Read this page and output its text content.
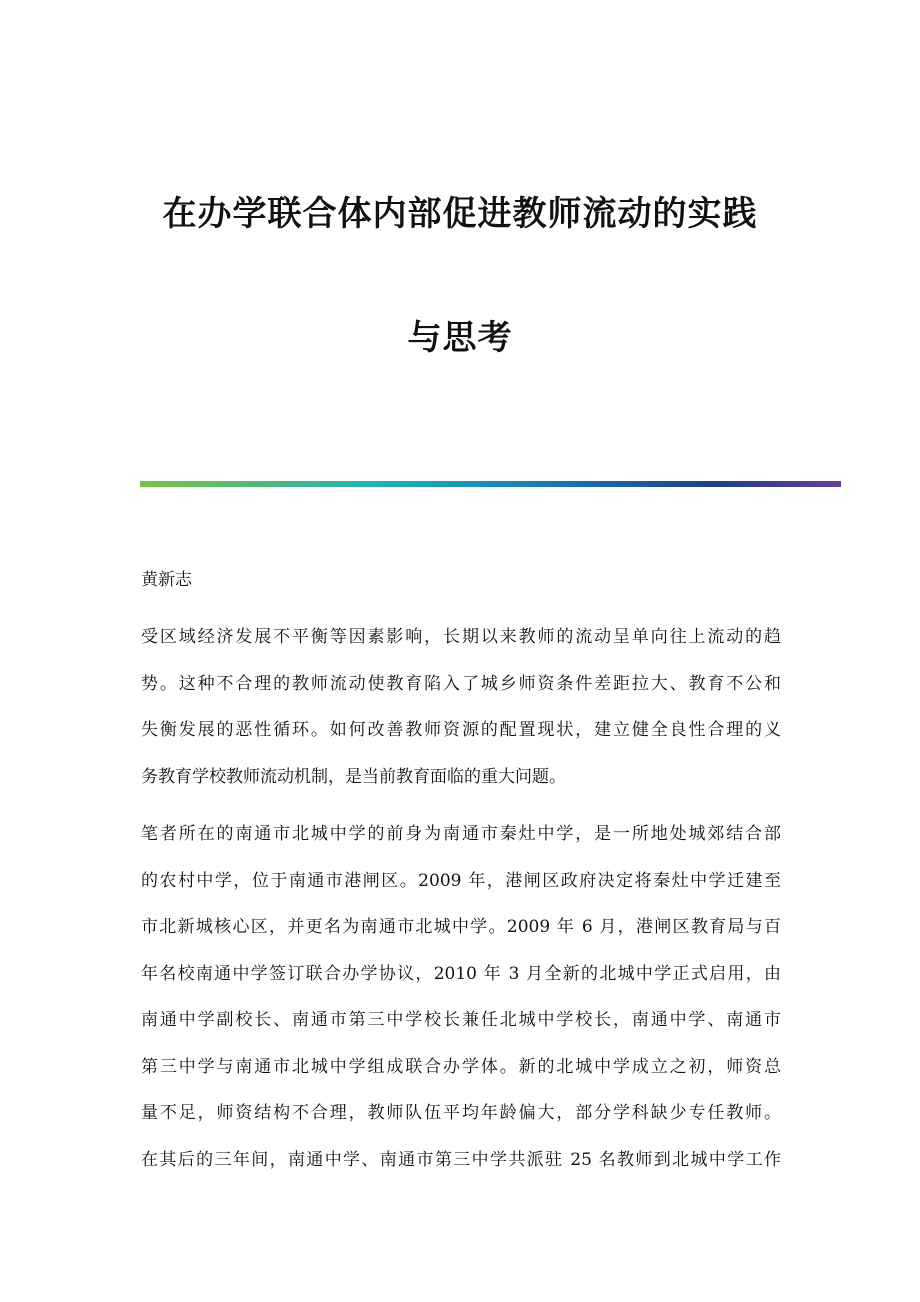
在办学联合体内部促进教师流动的实践
与思考
黄新志

受区域经济发展不平衡等因素影响，长期以来教师的流动呈单向往上流动的趋
势。这种不合理的教师流动使教育陷入了城乡师资条件差距拉大、教育不公和
失衡发展的恶性循环。如何改善教师资源的配置现状，建立健全良性合理的义
务教育学校教师流动机制，是当前教育面临的重大问题。

笔者所在的南通市北城中学的前身为南通市秦灶中学，是一所地处城郊结合部
的农村中学，位于南通市港闸区。2009 年，港闸区政府决定将秦灶中学迁建至
市北新城核心区，并更名为南通市北城中学。2009 年 6 月，港闸区教育局与百
年名校南通中学签订联合办学协议，2010 年 3 月全新的北城中学正式启用，由
南通中学副校长、南通市第三中学校长兼任北城中学校长，南通中学、南通市
第三中学与南通市北城中学组成联合办学体。新的北城中学成立之初，师资总
量不足，师资结构不合理，教师队伍平均年龄偏大，部分学科缺少专任教师。
在其后的三年间，南通中学、南通市第三中学共派驻 25 名教师到北城中学工作
